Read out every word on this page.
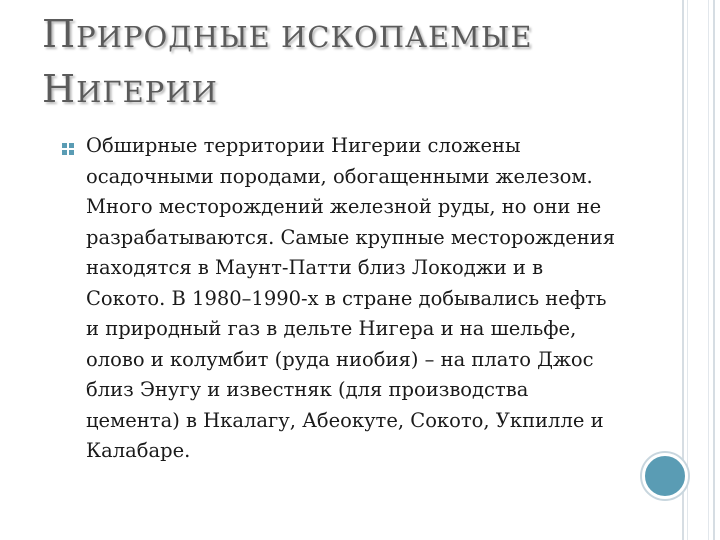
ПРИРОДНЫЕ ИСКОПАЕМЫЕ
НИГЕРИИ

Обширные территории Нигерии сложены осадочными породами, обогащенными железом. Много месторождений железной руды, но они не разрабатываются. Самые крупные месторождения находятся в Маунт-Патти близ Локоджи и в Сокото. В 1980–1990-х в стране добывались нефть и природный газ в дельте Нигера и на шельфе, олово и колумбит (руда ниобия) – на плато Джос близ Энугу и известняк (для производства цемента) в Нкалагу, Абеокуте, Сокото, Укпилле и Калабаре.
